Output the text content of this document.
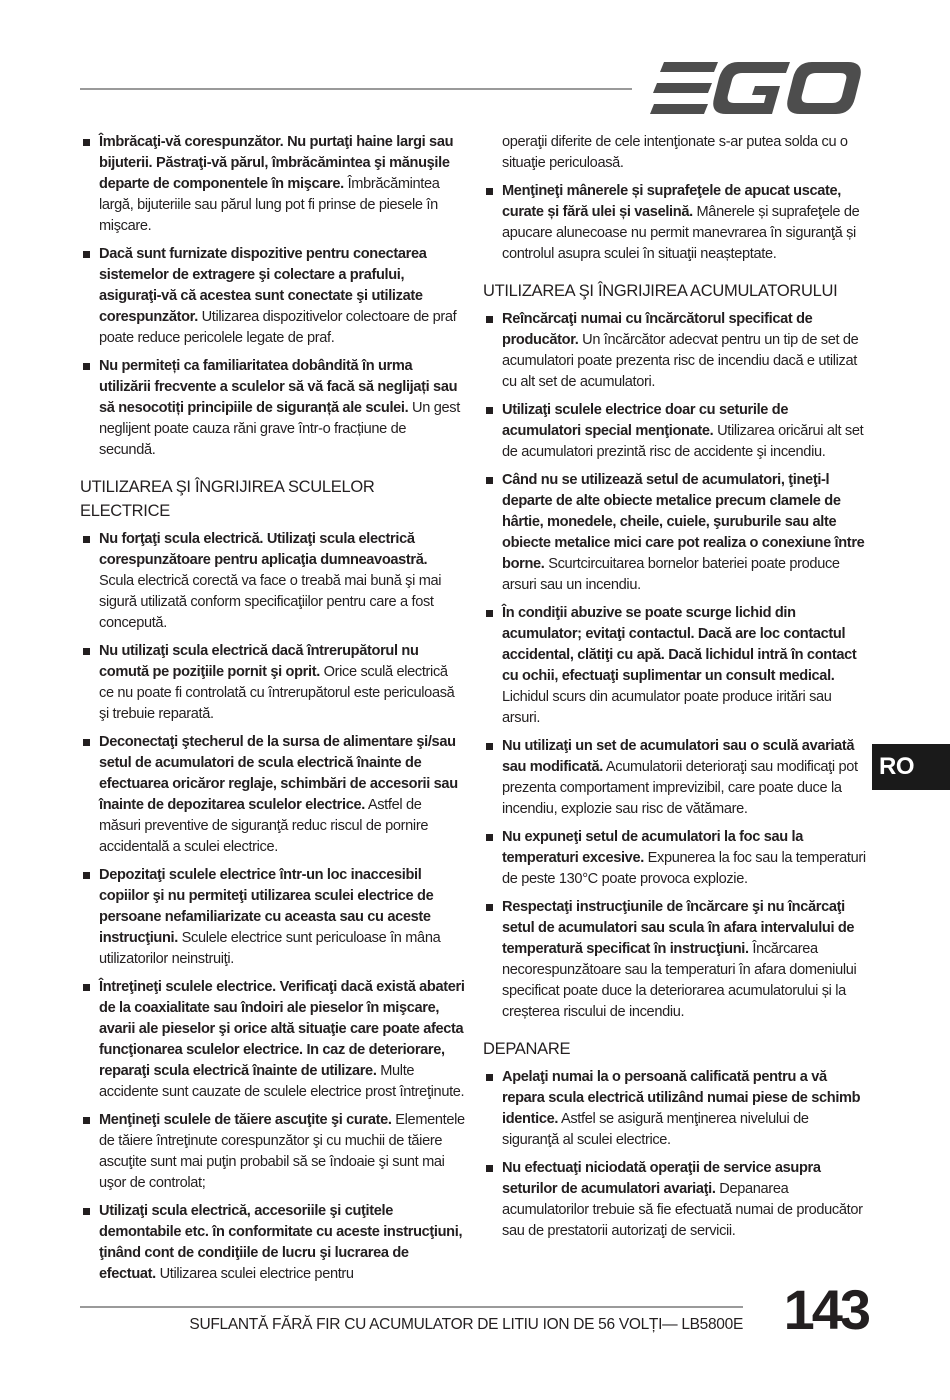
Îmbrăcaţi-vă corespunzător. Nu purtaţi haine largi sau bijuterii. Păstraţi-vă părul, îmbrăcămintea şi mănuşile departe de componentele în mişcare. Îmbrăcămintea largă, bijuteriile sau părul lung pot fi prinse de piesele în mişcare.
Dacă sunt furnizate dispozitive pentru conectarea sistemelor de extragere şi colectare a prafului, asiguraţi-vă că acestea sunt conectate şi utilizate corespunzător. Utilizarea dispozitivelor colectoare de praf poate reduce pericolele legate de praf.
Nu permiteți ca familiaritatea dobândită în urma utilizării frecvente a sculelor să vă facă să neglijați sau să nesocotiți principiile de siguranță ale sculei. Un gest neglijent poate cauza răni grave într-o fracțiune de secundă.
UTILIZAREA ŞI ÎNGRIJIREA SCULELOR ELECTRICE
Nu forţaţi scula electrică. Utilizaţi scula electrică corespunzătoare pentru aplicaţia dumneavoastră. Scula electrică corectă va face o treabă mai bună şi mai sigură utilizată conform specificaţiilor pentru care a fost concepută.
Nu utilizaţi scula electrică dacă întrerupătorul nu comută pe poziţiile pornit şi oprit. Orice sculă electrică ce nu poate fi controlată cu întrerupătorul este periculoasă şi trebuie reparată.
Deconectaţi ştecherul de la sursa de alimentare şi/sau setul de acumulatori de scula electrică înainte de efectuarea oricăror reglaje, schimbări de accesorii sau înainte de depozitarea sculelor electrice. Astfel de măsuri preventive de siguranţă reduc riscul de pornire accidentală a sculei electrice.
Depozitaţi sculele electrice într-un loc inaccesibil copiilor şi nu permiteţi utilizarea sculei electrice de persoane nefamiliarizate cu aceasta sau cu aceste instrucţiuni. Sculele electrice sunt periculoase în mâna utilizatorilor neinstruiţi.
Întreţineţi sculele electrice. Verificaţi dacă există abateri de la coaxialitate sau îndoiri ale pieselor în mişcare, avarii ale pieselor şi orice altă situaţie care poate afecta funcţionarea sculelor electrice. In caz de deteriorare, reparaţi scula electrică înainte de utilizare. Multe accidente sunt cauzate de sculele electrice prost întreţinute.
Menţineţi sculele de tăiere ascuţite şi curate. Elementele de tăiere întreţinute corespunzător şi cu muchii de tăiere ascuţite sunt mai puţin probabil să se îndoaie şi sunt mai uşor de controlat;
Utilizaţi scula electrică, accesoriile şi cuţitele demontabile etc. în conformitate cu aceste instrucţiuni, ţinând cont de condiţiile de lucru şi lucrarea de efectuat. Utilizarea sculei electrice pentru
operaţii diferite de cele intenţionate s-ar putea solda cu o situaţie periculoasă.
Menţineţi mânerele și suprafeţele de apucat uscate, curate și fără ulei și vaselină. Mânerele și suprafeţele de apucare alunecoase nu permit manevrarea în siguranţă și controlul asupra sculei în situaţii neașteptate.
UTILIZAREA ŞI ÎNGRIJIREA ACUMULATORULUI
Reîncărcaţi numai cu încărcătorul specificat de producător. Un încărcător adecvat pentru un tip de set de acumulatori poate prezenta risc de incendiu dacă e utilizat cu alt set de acumulatori.
Utilizaţi sculele electrice doar cu seturile de acumulatori special menţionate. Utilizarea oricărui alt set de acumulatori prezintă risc de accidente şi incendiu.
Când nu se utilizează setul de acumulatori, ţineţi-l departe de alte obiecte metalice precum clamele de hârtie, monedele, cheile, cuiele, şuruburile sau alte obiecte metalice mici care pot realiza o conexiune între borne. Scurtcircuitarea bornelor bateriei poate produce arsuri sau un incendiu.
În condiţii abuzive se poate scurge lichid din acumulator; evitaţi contactul. Dacă are loc contactul accidental, clătiţi cu apă. Dacă lichidul intră în contact cu ochii, efectuaţi suplimentar un consult medical. Lichidul scurs din acumulator poate produce iritări sau arsuri.
Nu utilizaţi un set de acumulatori sau o sculă avariată sau modificată. Acumulatorii deterioraţi sau modificaţi pot prezenta comportament imprevizibil, care poate duce la incendiu, explozie sau risc de vătămare.
Nu expuneţi setul de acumulatori la foc sau la temperaturi excesive. Expunerea la foc sau la temperaturi de peste 130°C poate provoca explozie.
Respectaţi instrucţiunile de încărcare şi nu încărcaţi setul de acumulatori sau scula în afara intervalului de temperatură specificat în instrucţiuni. Încărcarea necorespunzătoare sau la temperaturi în afara domeniului specificat poate duce la deteriorarea acumulatorului și la creșterea riscului de incendiu.
DEPANARE
Apelaţi numai la o persoană calificată pentru a vă repara scula electrică utilizând numai piese de schimb identice. Astfel se asigură menţinerea nivelului de siguranţă al sculei electrice.
Nu efectuaţi niciodată operaţii de service asupra seturilor de acumulatori avariaţi. Depanarea acumulatorilor trebuie să fie efectuată numai de producător sau de prestatorii autorizaţi de servicii.
RO
SUFLANTĂ FĂRĂ FIR CU ACUMULATOR DE LITIU ION DE 56 VOLȚI— LB5800E 143
